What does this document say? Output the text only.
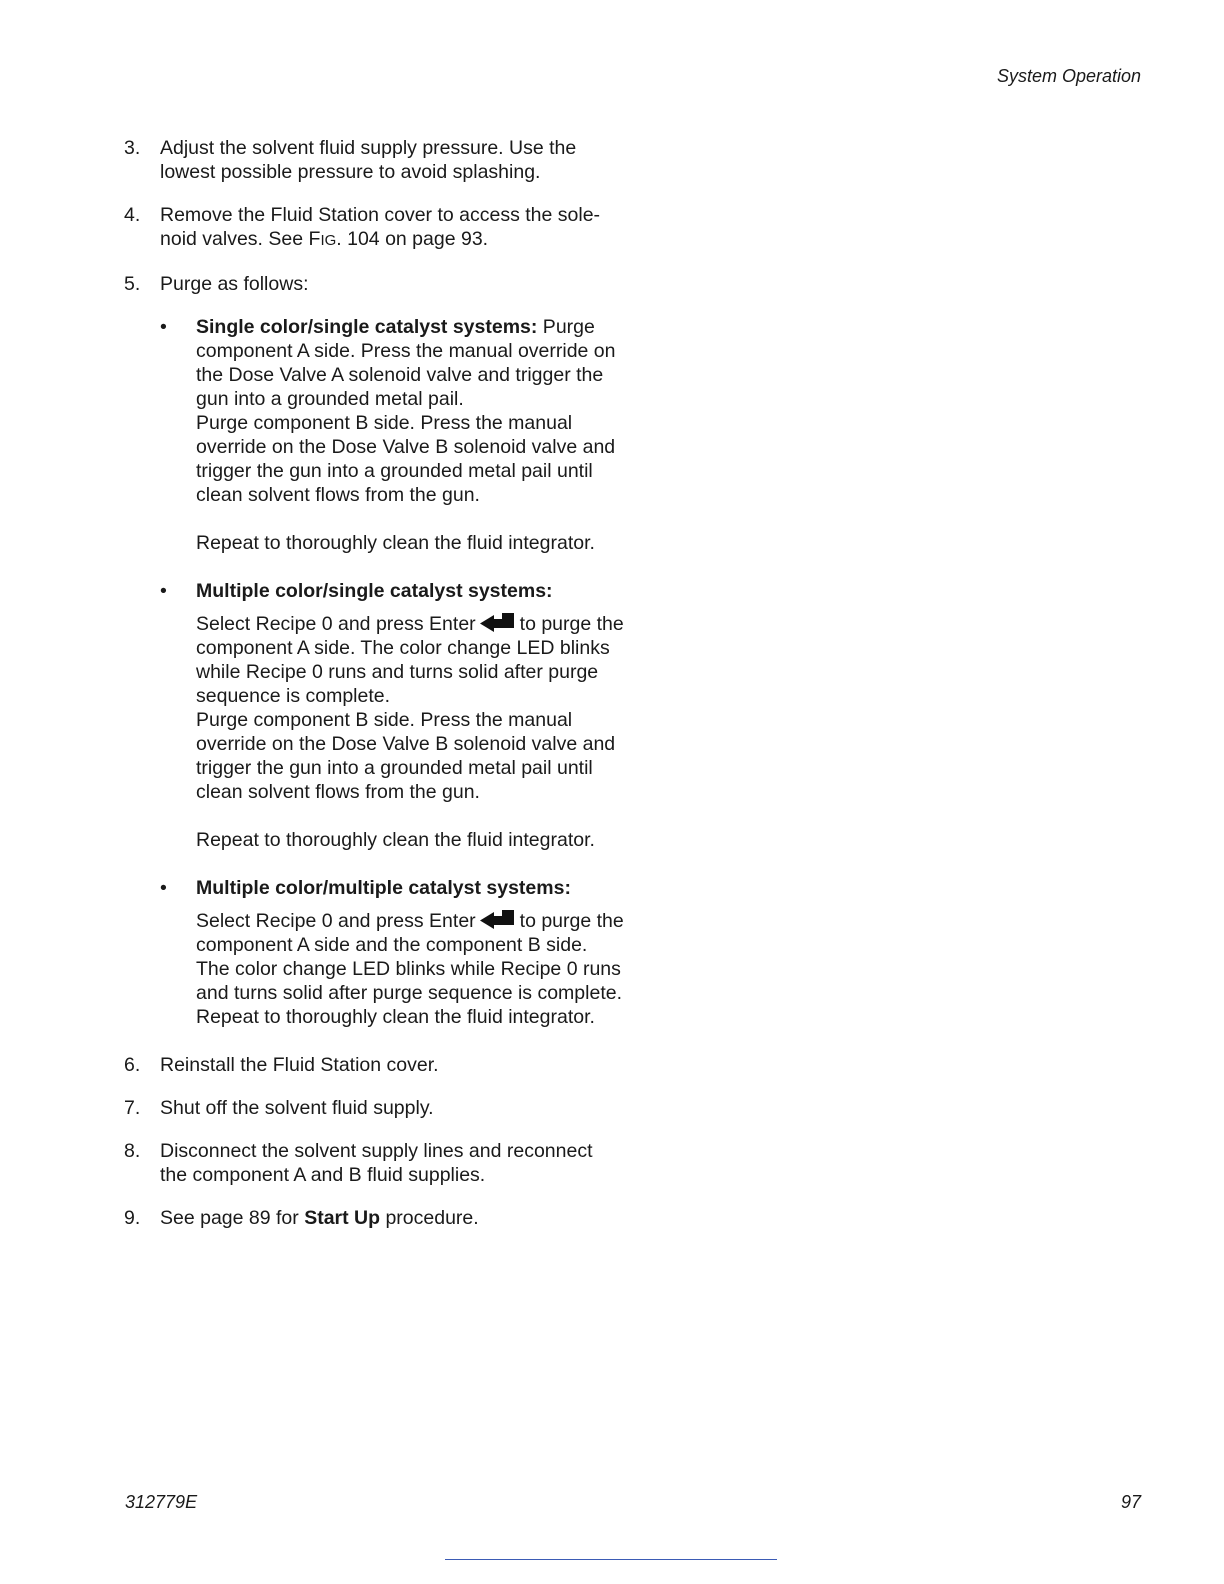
System Operation
3. Adjust the solvent fluid supply pressure. Use the lowest possible pressure to avoid splashing.
4. Remove the Fluid Station cover to access the sole-noid valves. See FIG. 104 on page 93.
5. Purge as follows:
• Single color/single catalyst systems: Purge component A side. Press the manual override on the Dose Valve A solenoid valve and trigger the gun into a grounded metal pail.
Purge component B side. Press the manual override on the Dose Valve B solenoid valve and trigger the gun into a grounded metal pail until clean solvent flows from the gun.
Repeat to thoroughly clean the fluid integrator.
• Multiple color/single catalyst systems:
Select Recipe 0 and press Enter to purge the component A side. The color change LED blinks while Recipe 0 runs and turns solid after purge sequence is complete.
Purge component B side. Press the manual override on the Dose Valve B solenoid valve and trigger the gun into a grounded metal pail until clean solvent flows from the gun.
Repeat to thoroughly clean the fluid integrator.
• Multiple color/multiple catalyst systems:
Select Recipe 0 and press Enter to purge the component A side and the component B side. The color change LED blinks while Recipe 0 runs and turns solid after purge sequence is complete.
Repeat to thoroughly clean the fluid integrator.
6. Reinstall the Fluid Station cover.
7. Shut off the solvent fluid supply.
8. Disconnect the solvent supply lines and reconnect the component A and B fluid supplies.
9. See page 89 for Start Up procedure.
312779E	97
